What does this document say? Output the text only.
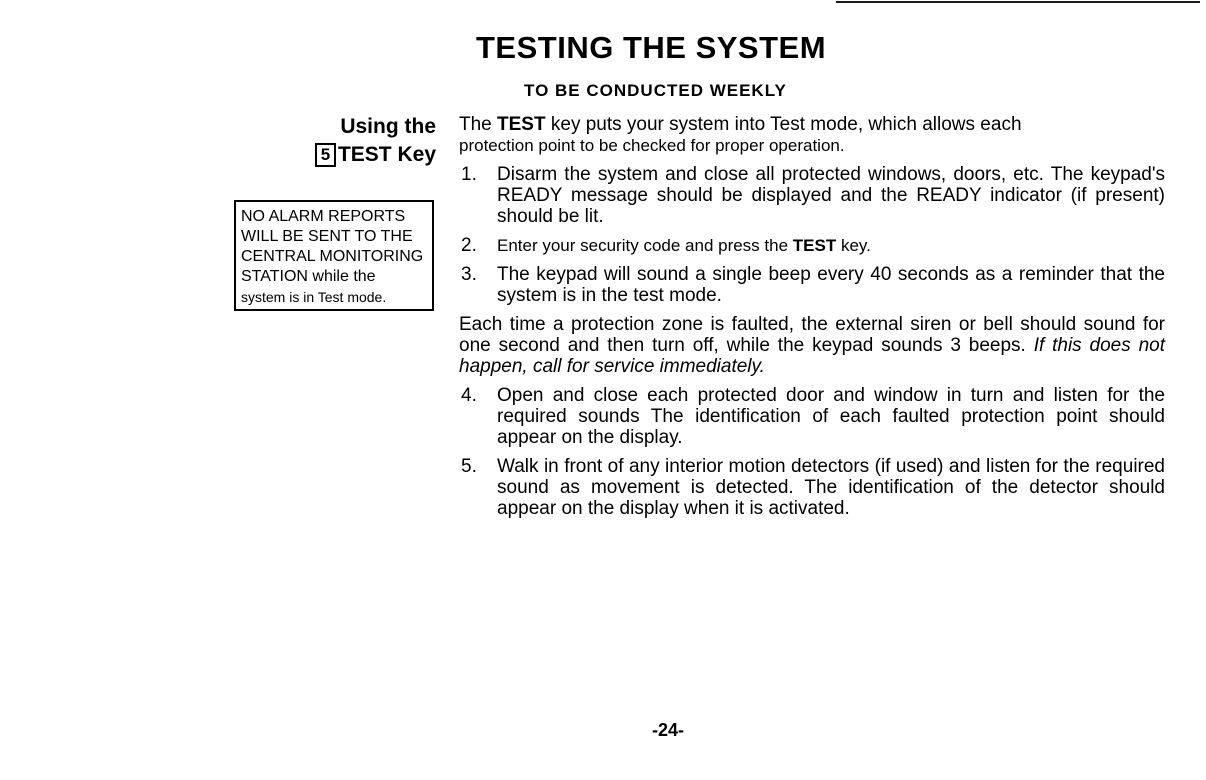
TESTING THE SYSTEM
TO BE CONDUCTED WEEKLY
Using the
5 TEST Key
NO ALARM REPORTS
WILL BE SENT TO THE
CENTRAL MONITORING
STATION while the
system is in Test mode.

The TEST key puts your system into Test mode, which allows each
protection point to be checked for proper operation.

1.	Disarm the system and close all protected windows, doors, etc. The keypad's READY message should be displayed and the READY indicator (if present) should be lit.
2.	Enter your security code and press the TEST key.
3.	The keypad will sound a single beep every 40 seconds as a reminder that the system is in the test mode.

Each time a protection zone is faulted, the external siren or bell should sound for one second and then turn off, while the keypad sounds 3 beeps. If this does not happen, call for service immediately.

4.	Open and close each protected door and window in turn and listen for the required sounds The identification of each faulted protection point should appear on the display.
5.	Walk in front of any interior motion detectors (if used) and listen for the required sound as movement is detected. The identification of the detector should appear on the display when it is activated.
-24-
